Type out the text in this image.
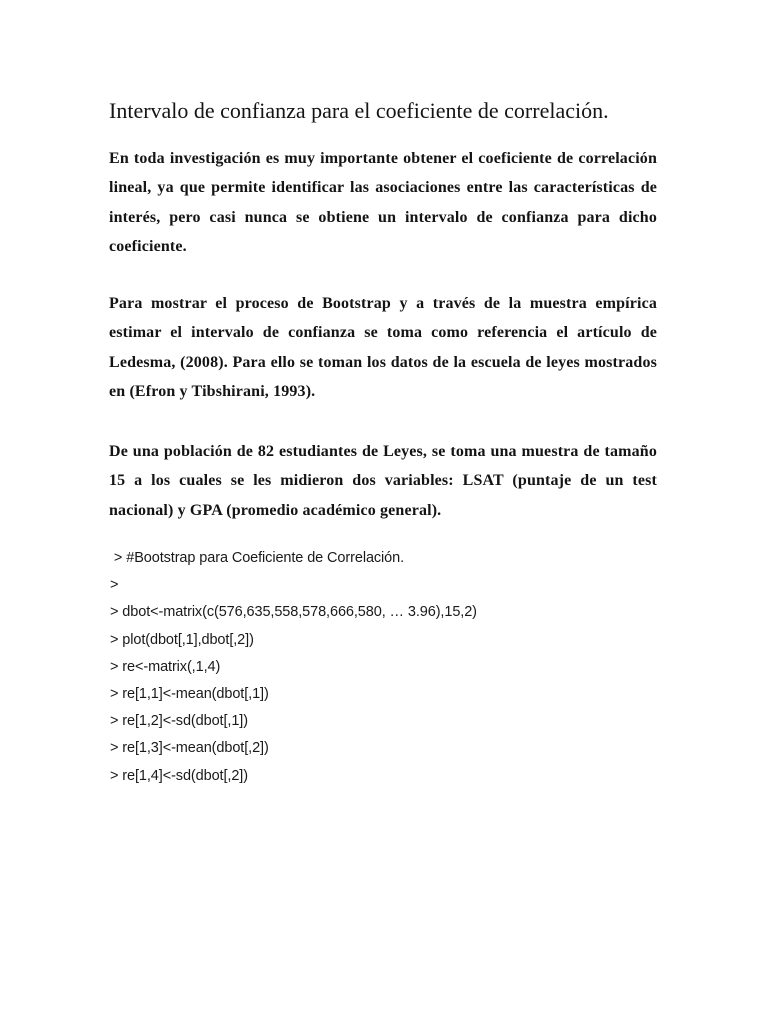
Intervalo de confianza para el coeficiente de correlación.

En toda investigación es muy importante obtener el coeficiente de correlación lineal, ya que permite identificar las asociaciones entre las características de interés, pero casi nunca se obtiene un intervalo de confianza para dicho coeficiente.

Para mostrar el proceso de Bootstrap y a través de la muestra empírica estimar el intervalo de confianza se toma como referencia el artículo de Ledesma, (2008). Para ello se toman los datos de la escuela de leyes mostrados en (Efron y Tibshirani, 1993).

De una población de 82 estudiantes de Leyes, se toma una muestra de tamaño 15 a los cuales se les midieron dos variables: LSAT (puntaje de un test nacional) y GPA (promedio académico general).

> #Bootstrap para Coeficiente de Correlación.
>
> dbot<-matrix(c(576,635,558,578,666,580, … 3.96),15,2)
> plot(dbot[,1],dbot[,2])
> re<-matrix(,1,4)
> re[1,1]<-mean(dbot[,1])
> re[1,2]<-sd(dbot[,1])
> re[1,3]<-mean(dbot[,2])
> re[1,4]<-sd(dbot[,2])
